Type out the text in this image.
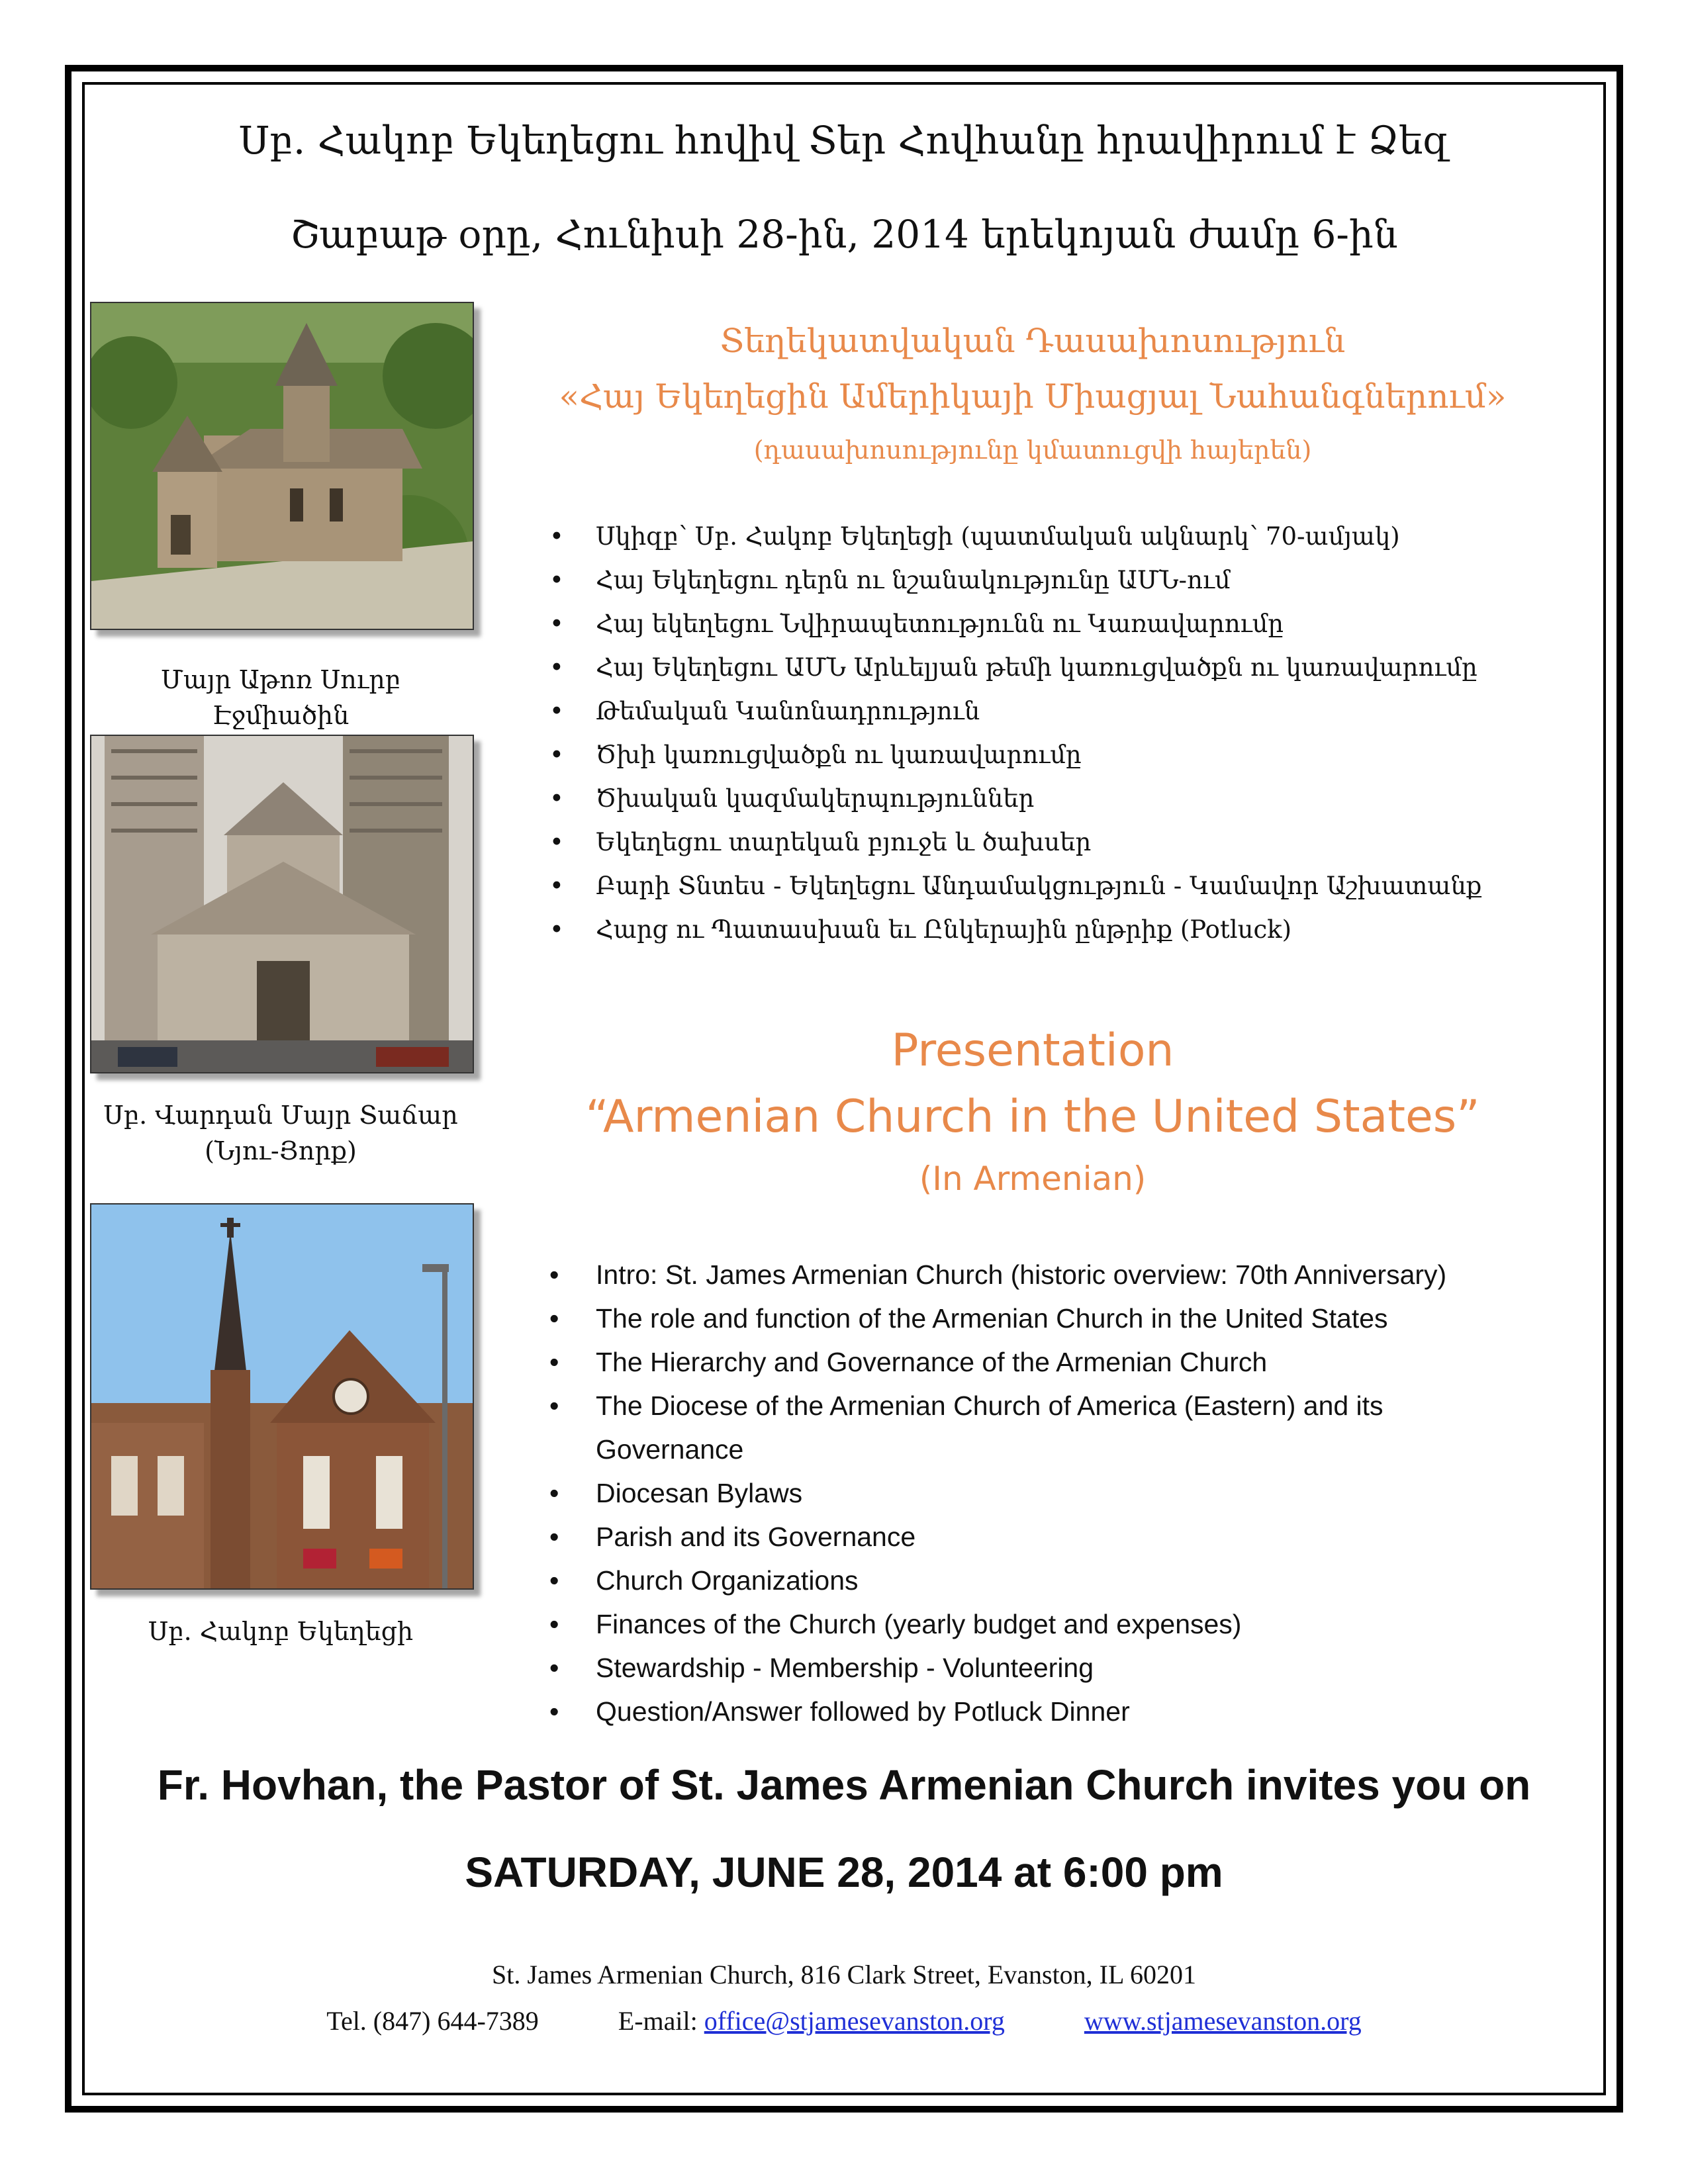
Սբ. Հակոբ Եկեղեցու հովիվ Տեր Հովհանը հրավիրում է Ձեզ
Շաբաթ օրը, Հունիսի 28-ին, 2014 երեկոյան ժամը 6-ին
Տեղեկատվական Դասախոսություն
«Հայ Եկեղեցին Ամերիկայի Միացյալ Նահանգներում»
(դասախոսությունը կմատուցվի հայերեն)
• Սկիզբ՝ Սբ. Հակոբ Եկեղեցի (պատմական ակնարկ՝ 70-ամյակ)
• Հայ Եկեղեցու դերն ու նշանակությունը ԱՄՆ-ում
• Հայ եկեղեցու Նվիրապետությունն ու Կառավարումը
• Հայ Եկեղեցու ԱՄՆ Արևելյան թեմի կառուցվածքն ու կառավարումը
• Թեմական Կանոնադրություն
• Ծխի կառուցվածքն ու կառավարումը
• Ծխական կազմակերպություններ
• Եկեղեցու տարեկան բյուջե և ծախսեր
• Բարի Տնտես - Եկեղեցու Անդամակցություն - Կամավոր Աշխատանք
• Հարց ու Պատասխան եւ Ընկերային ընթրիք (Potluck)
Մայր Աթոռ Սուրբ Էջմիածին
Սբ. Վարդան Մայր Տաճար
(Նյու-Յորք)
Սբ. Հակոբ Եկեղեցի
Presentation
“Armenian Church in the United States”
(In Armenian)
• Intro: St. James Armenian Church (historic overview: 70th Anniversary)
• The role and function of the Armenian Church in the United States
• The Hierarchy and Governance of the Armenian Church
• The Diocese of the Armenian Church of America (Eastern) and its Governance
• Diocesan Bylaws
• Parish and its Governance
• Church Organizations
• Finances of the Church (yearly budget and expenses)
• Stewardship - Membership - Volunteering
• Question/Answer followed by Potluck Dinner
Fr. Hovhan, the Pastor of St. James Armenian Church invites you on
SATURDAY, JUNE 28, 2014 at 6:00 pm
St. James Armenian Church, 816 Clark Street, Evanston, IL 60201
Tel. (847) 644-7389	E-mail: office@stjamesevanston.org	www.stjamesevanston.org
